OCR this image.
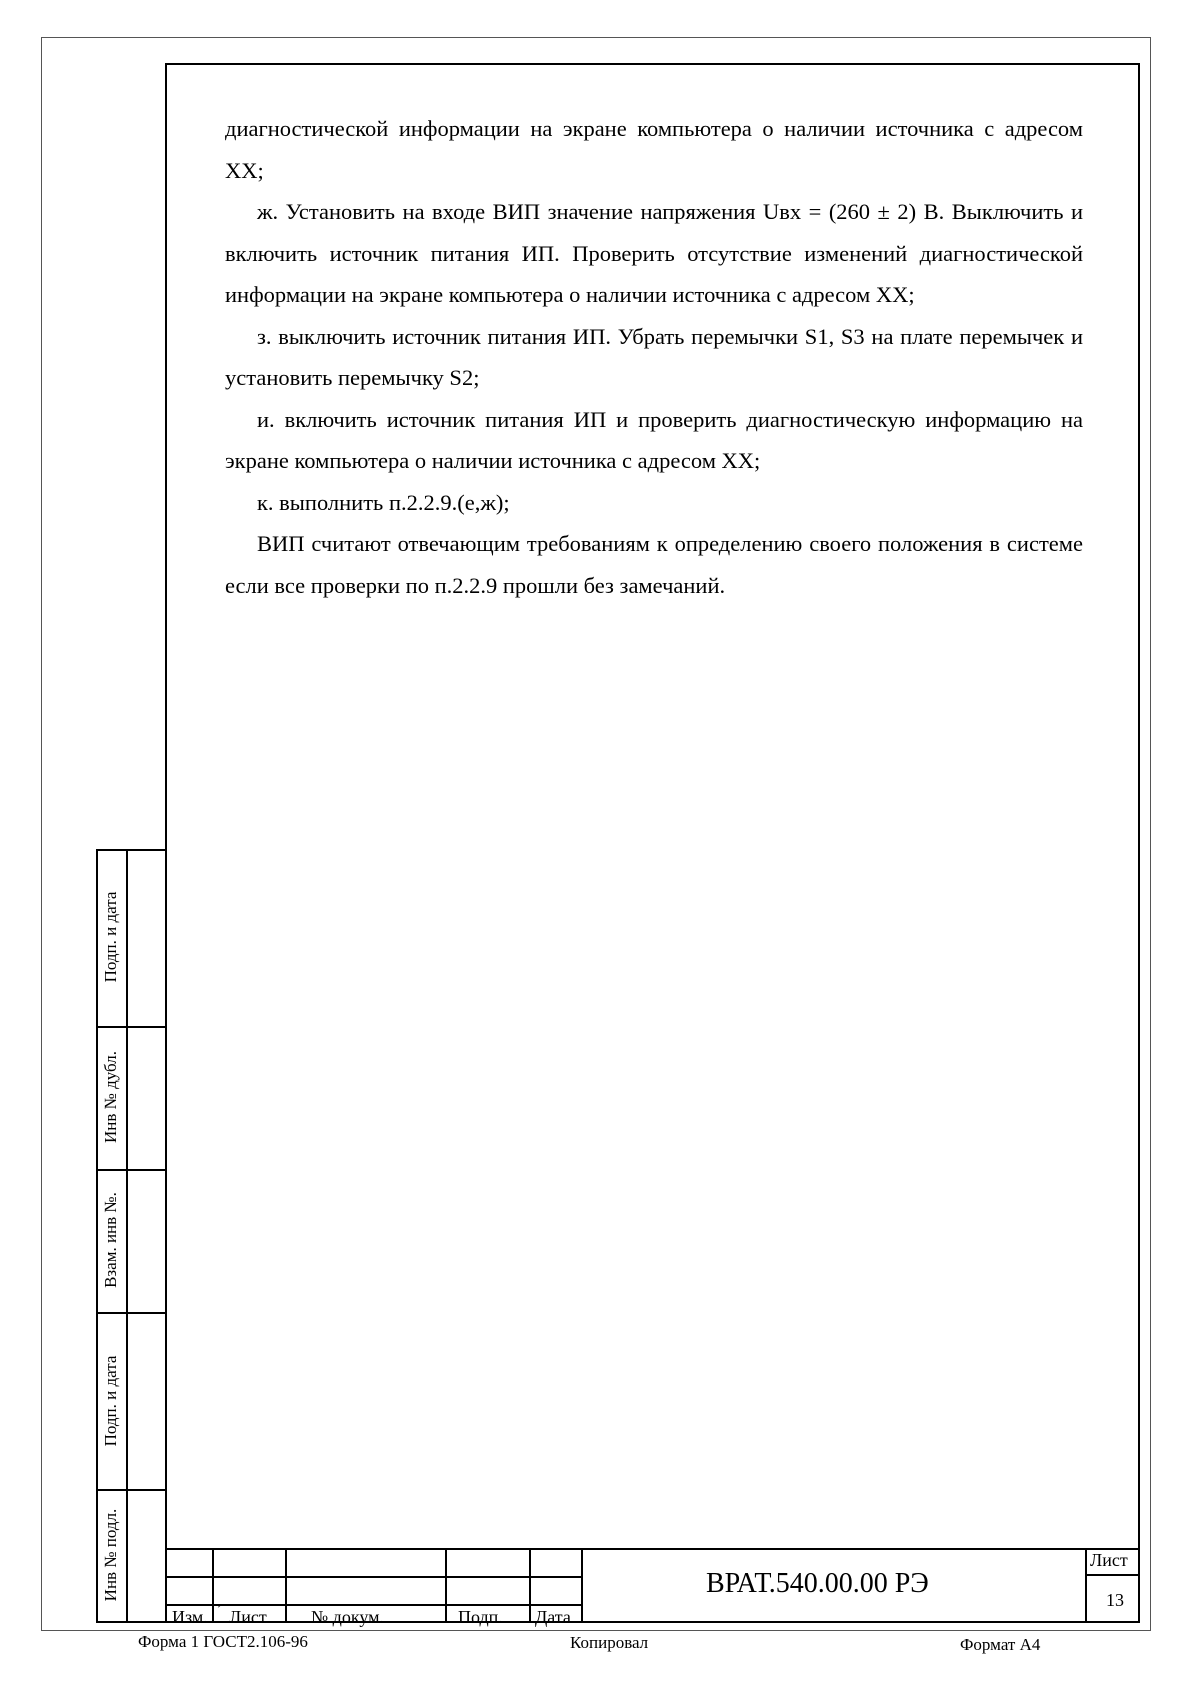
диагностической информации на экране компьютера о наличии источника с адресом XX;

ж. Установить на входе ВИП значение напряжения Uвх = (260 ± 2) В. Выключить и включить источник питания ИП. Проверить отсутствие изменений диагностической информации на экране компьютера о наличии источника с адресом XX;

з. выключить источник питания ИП. Убрать перемычки S1, S3 на плате перемычек и установить перемычку S2;

и. включить источник питания ИП и проверить диагностическую информацию на экране компьютера о наличии источника с адресом XX;

к. выполнить п.2.2.9.(е,ж);

ВИП считают отвечающим требованиям к определению своего положения в системе если все проверки по п.2.2.9 прошли без замечаний.

Подп. и дата
Инв № дубл.
Взам. инв №.
Подп. и дата
Инв № подл.
Изм. ´ Лист № докум.	Подп. Дата
ВРАТ.540.00.00 РЭ
Лист
13
Форма 1 ГОСТ2.106-96	Копировал	Формат А4
